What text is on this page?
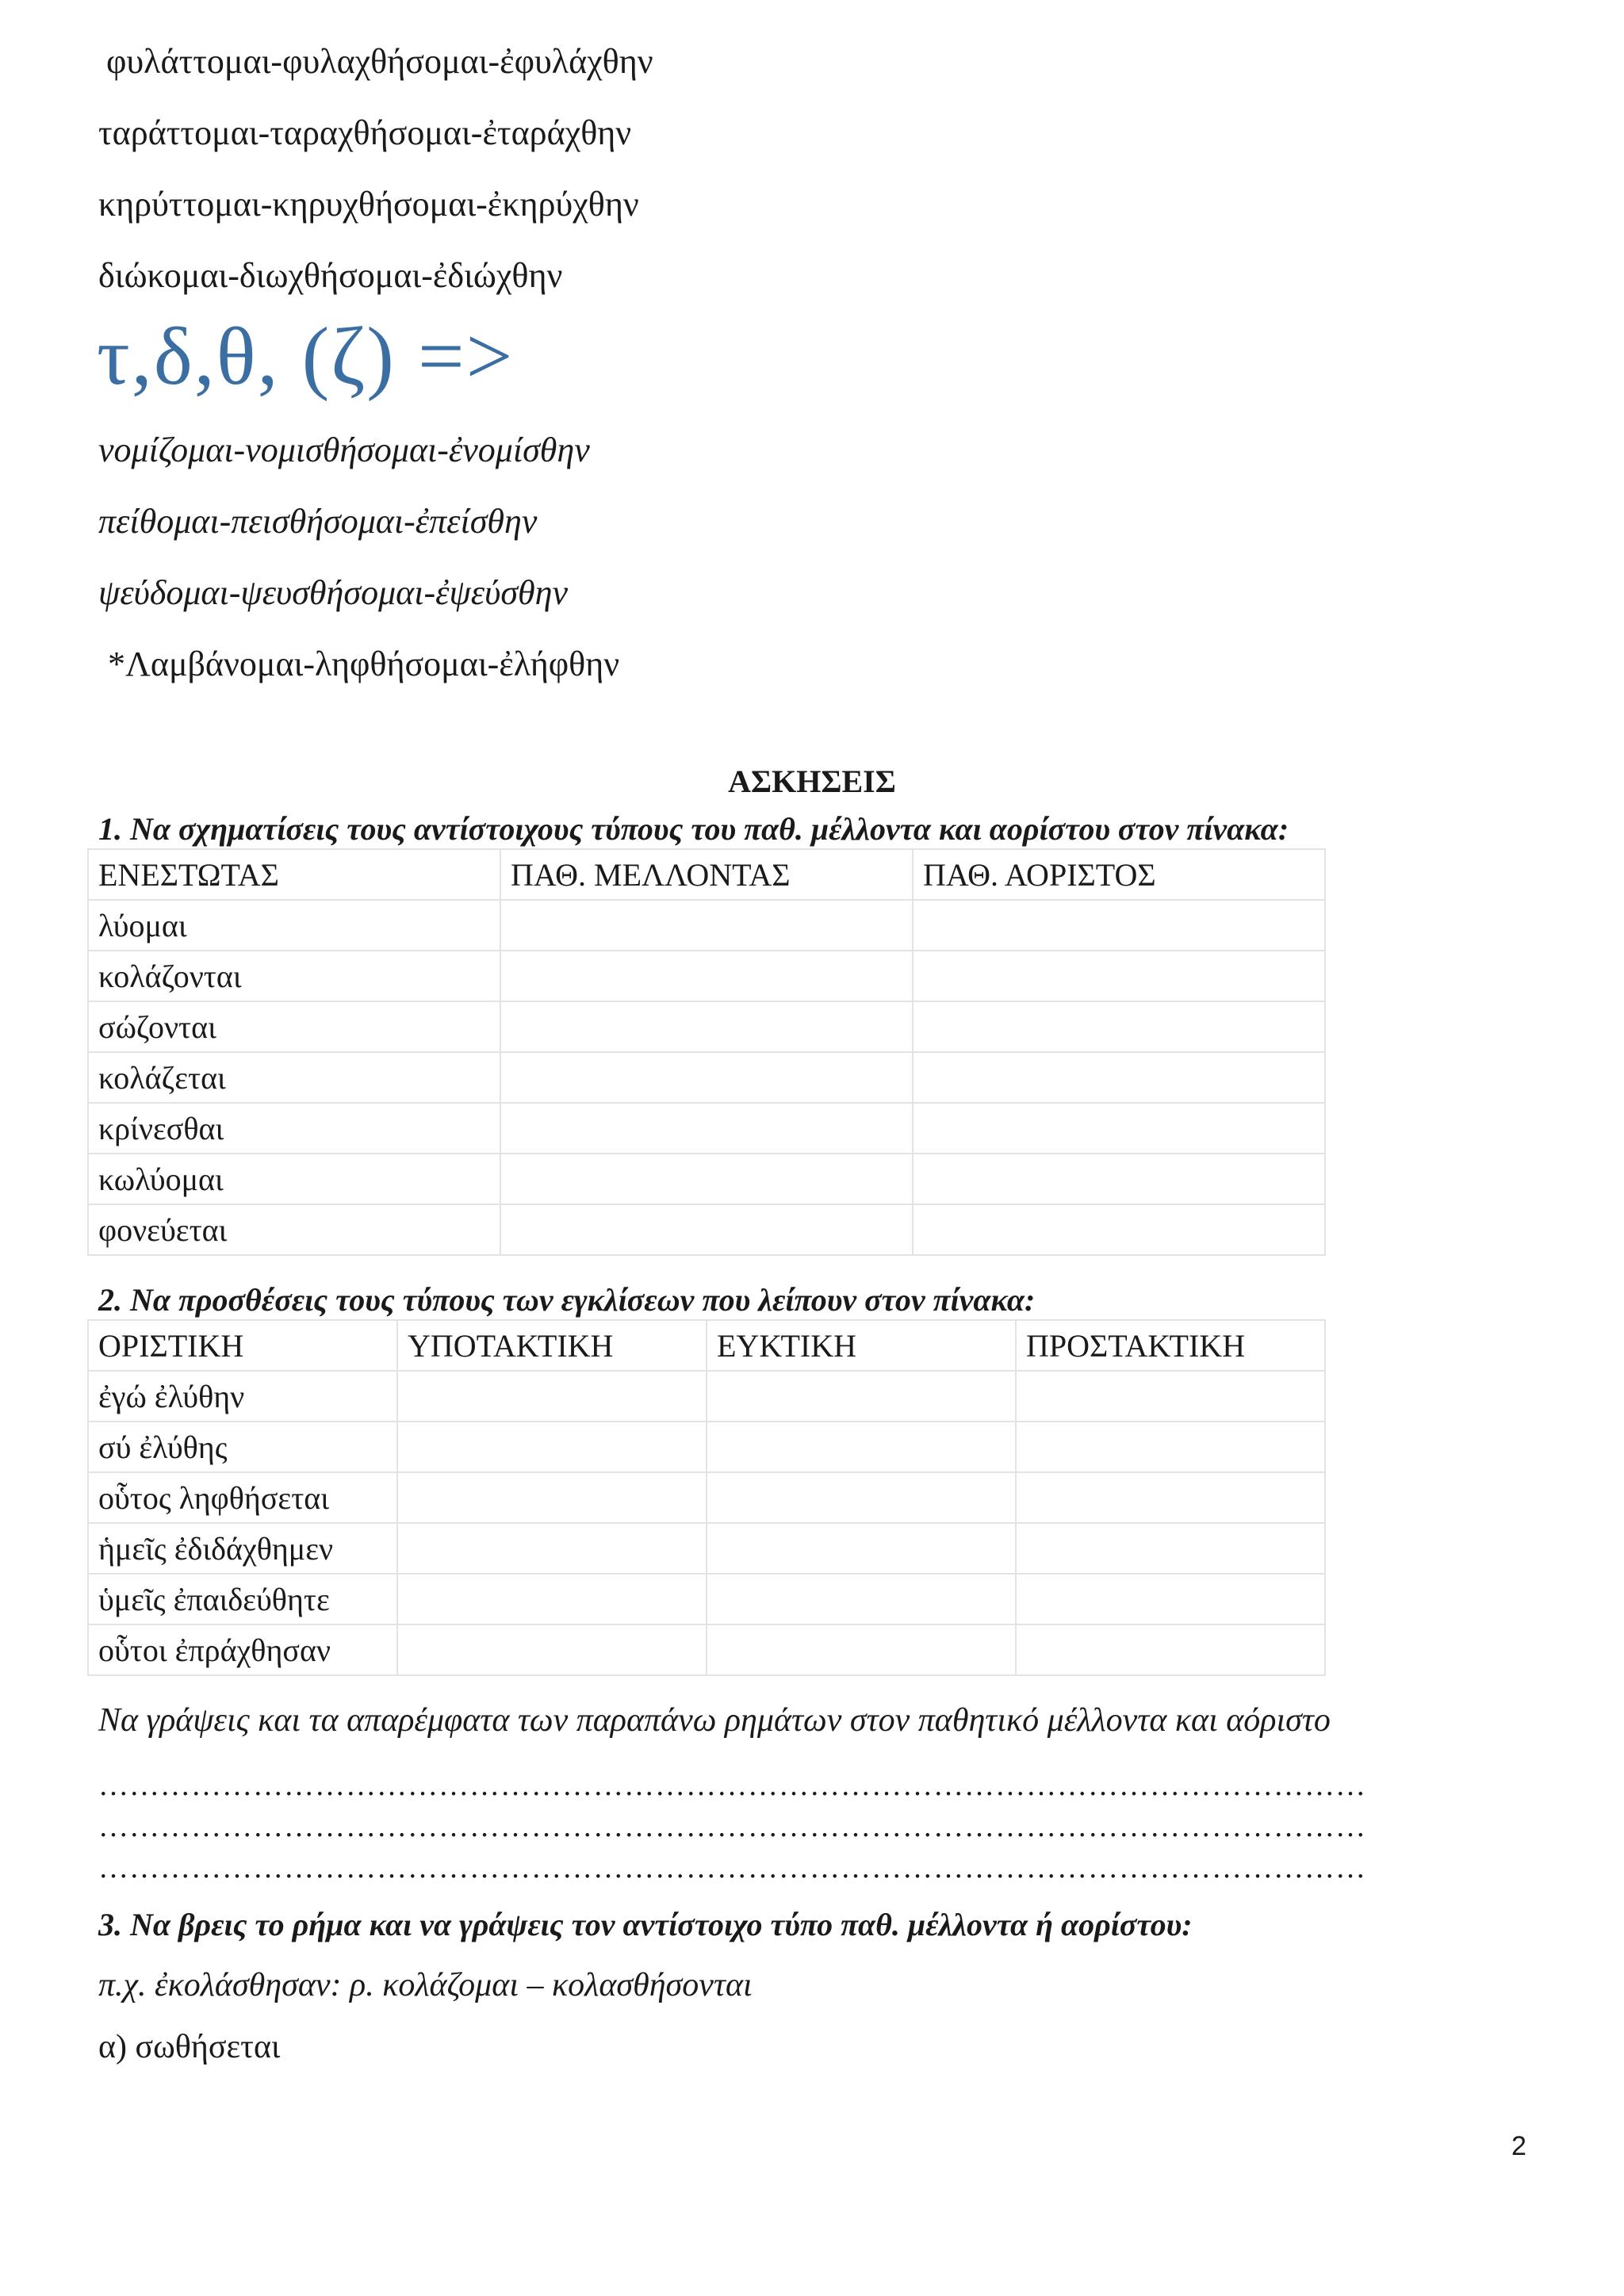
φυλάττομαι-φυλαχθήσομαι-ἐφυλάχθην
ταράττομαι-ταραχθήσομαι-ἐταράχθην
κηρύττομαι-κηρυχθήσομαι-ἐκηρύχθην
διώκομαι-διωχθήσομαι-ἐδιώχθην
τ,δ,θ, (ζ) =>
νομίζομαι-νομισθήσομαι-ἐνομίσθην
πείθομαι-πεισθήσομαι-ἐπείσθην
ψεύδομαι-ψευσθήσομαι-ἐψεύσθην
*Λαμβάνομαι-ληφθήσομαι-ἐλήφθην
ΑΣΚΗΣΕΙΣ
1. Να σχηματίσεις τους αντίστοιχους τύπους του παθ. μέλλοντα και αορίστου στον πίνακα:
ΕΝΕΣΤΩΤΑΣ	ΠΑΘ. ΜΕΛΛΟΝΤΑΣ	ΠΑΘ. ΑΟΡΙΣΤΟΣ
λύομαι		
κολάζονται		
σώζονται		
κολάζεται		
κρίνεσθαι		
κωλύομαι		
φονεύεται		
2. Να προσθέσεις τους τύπους των εγκλίσεων που λείπουν στον πίνακα:
ΟΡΙΣΤΙΚΗ	ΥΠΟΤΑΚΤΙΚΗ	ΕΥΚΤΙΚΗ	ΠΡΟΣΤΑΚΤΙΚΗ
ἐγώ ἐλύθην			
σύ ἐλύθης			
οὗτος ληφθήσεται			
ἡμεῖς ἐδιδάχθημεν			
ὑμεῖς ἐπαιδεύθητε			
οὗτοι ἐπράχθησαν			
Να γράψεις και τα απαρέμφατα των παραπάνω ρημάτων στον παθητικό μέλλοντα και αόριστο
……………………………………………………………………………………………………………
……………………………………………………………………………………………………………
……………………………………………………………………………………………………………
3. Να βρεις το ρήμα και να γράψεις τον αντίστοιχο τύπο παθ. μέλλοντα ή αορίστου:
π.χ. ἐκολάσθησαν: ρ. κολάζομαι – κολασθήσονται
α) σωθήσεται
2
